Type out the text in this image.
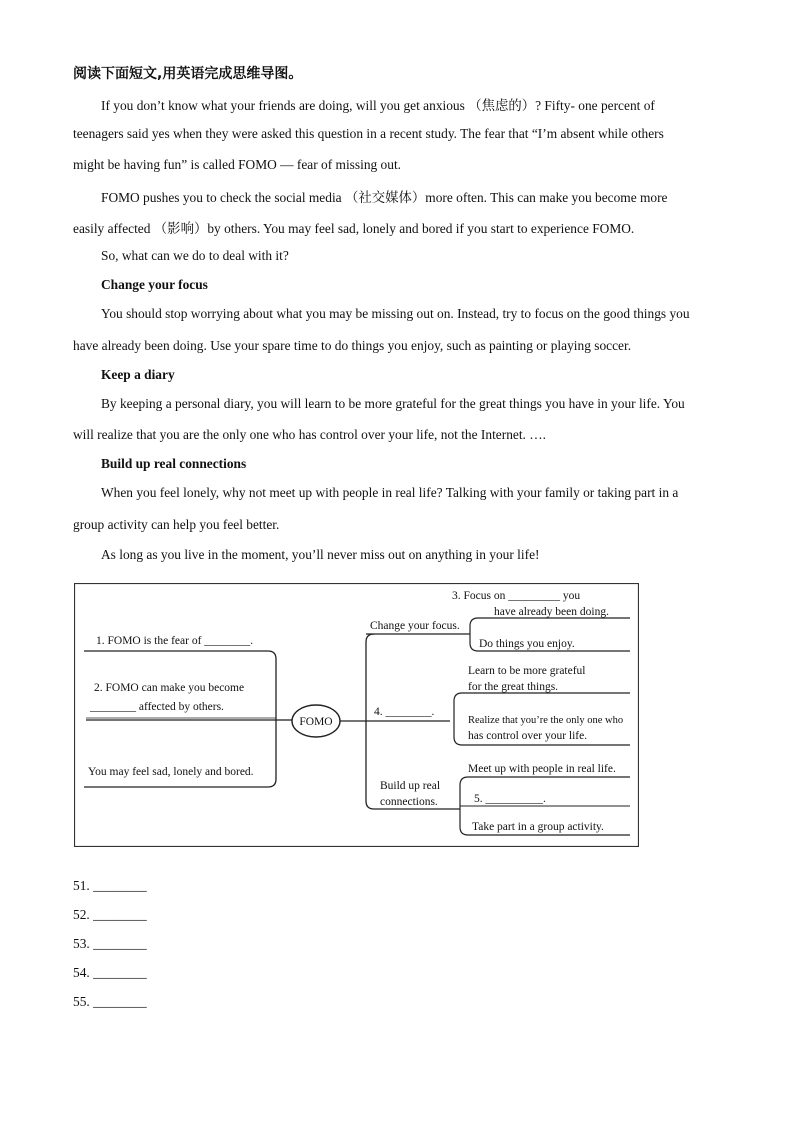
阅读下面短文,用英语完成思维导图。
If you don’t know what your friends are doing, will you get anxious （焦虑的）? Fifty- one percent of
teenagers said yes when they were asked this question in a recent study. The fear that “I’m absent while others
might be having fun” is called FOMO — fear of missing out.
FOMO pushes you to check the social media （社交媒体）more often. This can make you become more
easily affected （影响）by others. You may feel sad, lonely and bored if you start to experience FOMO.
So, what can we do to deal with it?
Change your focus
You should stop worrying about what you may be missing out on. Instead, try to focus on the good things you
have already been doing. Use your spare time to do things you enjoy, such as painting or playing soccer.
Keep a diary
By keeping a personal diary, you will learn to be more grateful for the great things you have in your life. You
will realize that you are the only one who has control over your life, not the Internet. ….
Build up real connections
When you feel lonely, why not meet up with people in real life? Talking with your family or taking part in a
group activity can help you feel better.
As long as you live in the moment, you’ll never miss out on anything in your life!
FOMO
1. FOMO is the fear of ________.
2. FOMO can make you become
________ affected by others.
You may feel sad, lonely and bored.
Change your focus.
3. Focus on _________ you
have already been doing.
Do things you enjoy.
4. ________.
Learn to be more grateful
for the great things.
Realize that you’re the only one who
has control over your life.
Build up real
connections.
Meet up with people in real life.
5. __________.
Take part in a group activity.
51. ________
52. ________
53. ________
54. ________
55. ________
